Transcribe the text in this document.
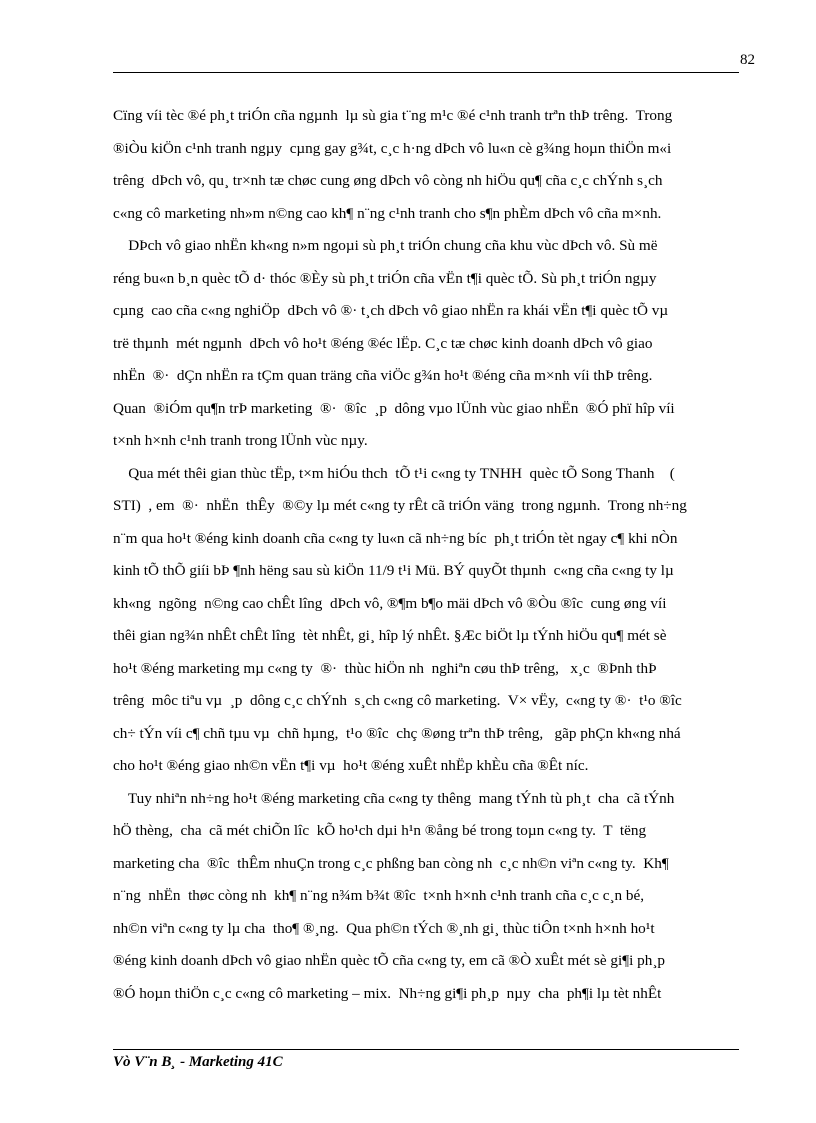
82
Cïng víi tèc ®é ph¸t triÓn cña ngµnh  lµ sù gia t¨ng m¹c ®é c¹nh tranh trªn thÞ trêng.  Trong
®iÒu kiÖn c¹nh tranh ngµy  cµng gay g¾t, c¸c h·ng dÞch vô lu«n cè g¾ng hoµn thiÖn m«i
trêng  dÞch vô, qu¸ tr×nh tæ chøc cung øng dÞch vô còng nh hiÖu qu¶ cña c¸c chÝnh s¸ch
c«ng cô marketing nh»m n©ng cao kh¶ n¨ng c¹nh tranh cho s¶n phÈm dÞch vô cña m×nh.
DÞch vô giao nhËn kh«ng n»m ngoµi sù ph¸t triÓn chung cña khu vùc dÞch vô. Sù më
réng bu«n b¸n quèc tÕ d· thóc ®Èy sù ph¸t triÓn cña vËn t¶i quèc tÕ. Sù ph¸t triÓn ngµy
cµng  cao cña c«ng nghiÖp  dÞch vô ®· t¸ch dÞch vô giao nhËn ra khái vËn t¶i quèc tÕ vµ
trë thµnh  mét ngµnh  dÞch vô ho¹t ®éng ®éc lËp. C¸c tæ chøc kinh doanh dÞch vô giao
nhËn  ®·  dÇn nhËn ra tÇm quan träng cña viÖc g¾n ho¹t ®éng cña m×nh víi thÞ trêng.
Quan  ®iÓm qu¶n trÞ marketing  ®·  ®îc  ¸p  dông vµo lÜnh vùc giao nhËn  ®Ó phï hîp víi
t×nh h×nh c¹nh tranh trong lÜnh vùc nµy.
Qua mét thêi gian thùc tËp, t×m hiÓu thch  tÕ t¹i c«ng ty TNHH  quèc tÕ Song Thanh    (
STI)  , em  ®·  nhËn  thÊy  ®©y lµ mét c«ng ty rÊt cã triÓn väng  trong ngµnh.  Trong nh÷ng
n¨m qua ho¹t ®éng kinh doanh cña c«ng ty lu«n cã nh÷ng bíc  ph¸t triÓn tèt ngay c¶ khi nÒn
kinh tÕ thÕ giíi bÞ ¶nh hëng sau sù kiÖn 11/9 t¹i Mü. BÝ quyÕt thµnh  c«ng cña c«ng ty lµ
kh«ng  ngõng  n©ng cao chÊt lîng  dÞch vô, ®¶m b¶o mäi dÞch vô ®Òu ®îc  cung øng víi
thêi gian ng¾n nhÊt chÊt lîng  tèt nhÊt, gi¸ hîp lý nhÊt. §Æc biÖt lµ tÝnh hiÖu qu¶ mét sè
ho¹t ®éng marketing mµ c«ng ty  ®·  thùc hiÖn nh  nghiªn cøu thÞ trêng,   x¸c  ®Þnh thÞ
trêng  môc tiªu vµ  ¸p  dông c¸c chÝnh  s¸ch c«ng cô marketing.  V× vËy,  c«ng ty ®·  t¹o ®îc
ch÷ tÝn víi c¶ chñ tµu vµ  chñ hµng,  t¹o ®îc  chç ®øng trªn thÞ trêng,   gãp phÇn kh«ng nhá
cho ho¹t ®éng giao nh©n vËn t¶i vµ  ho¹t ®éng xuÊt nhËp khÈu cña ®Êt níc.
Tuy nhiªn nh÷ng ho¹t ®éng marketing cña c«ng ty thêng  mang tÝnh tù ph¸t  cha  cã tÝnh
hÖ thèng,  cha  cã mét chiÕn lîc  kÕ ho¹ch dµi h¹n ®ång bé trong toµn c«ng ty.  T  tëng
marketing cha  ®îc  thÊm nhuÇn trong c¸c phßng ban còng nh  c¸c nh©n viªn c«ng ty.  Kh¶
n¨ng  nhËn  thøc còng nh  kh¶ n¨ng n¾m b¾t ®îc  t×nh h×nh c¹nh tranh cña c¸c c¸n bé,
nh©n viªn c«ng ty lµ cha  tho¶ ®¸ng.  Qua ph©n tÝch ®¸nh gi¸ thùc tiÔn t×nh h×nh ho¹t
®éng kinh doanh dÞch vô giao nhËn quèc tÕ cña c«ng ty, em cã ®Ò xuÊt mét sè gi¶i ph¸p
®Ó hoµn thiÖn c¸c c«ng cô marketing – mix.  Nh÷ng gi¶i ph¸p  nµy  cha  ph¶i lµ tèt nhÊt
Vò V¨n B¸ - Marketing 41C
